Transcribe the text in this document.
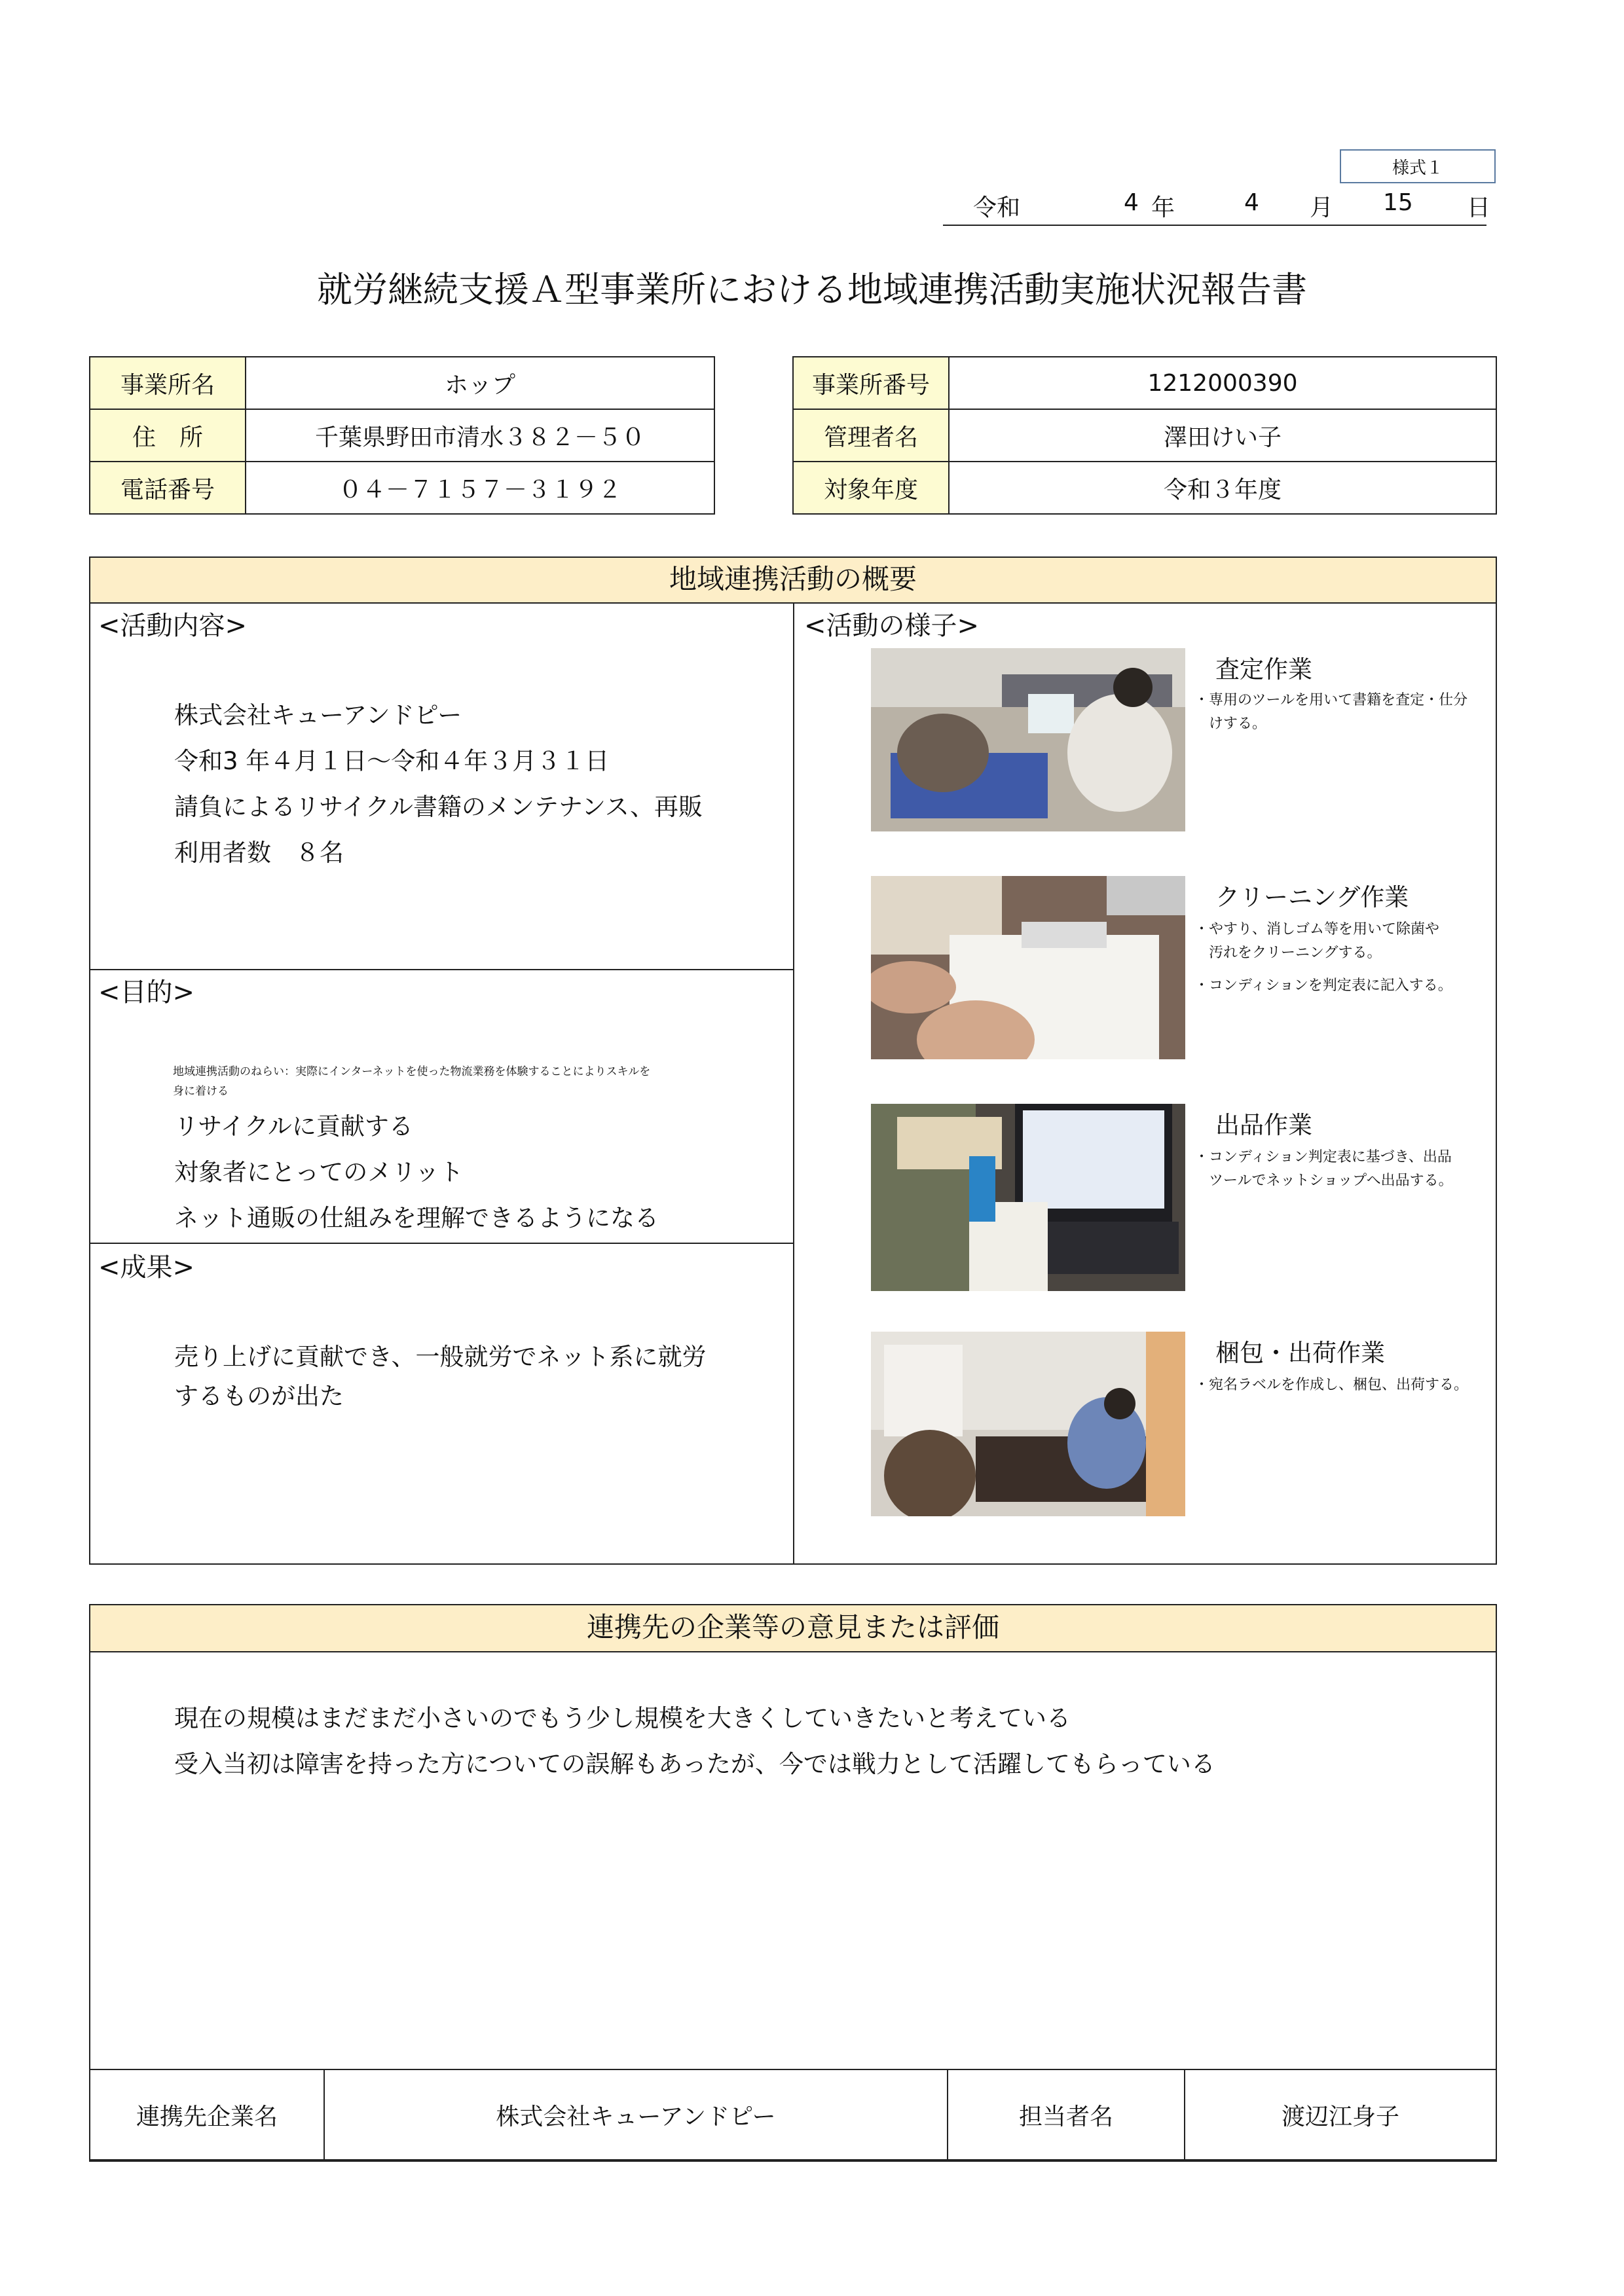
様式１
令和	4 年	4 月 15 日
就労継続支援Ａ型事業所における地域連携活動実施状況報告書
事業所名	ホップ
住　所	千葉県野田市清水３８２－５０
電話番号	０４－７１５７－３１９２
事業所番号	1212000390
管理者名	澤田けい子
対象年度	令和３年度
地域連携活動の概要
<活動内容>
株式会社キューアンドピー
令和3 年４月１日～令和４年３月３１日
請負によるリサイクル書籍のメンテナンス、再販
利用者数　８名
<目的>
地域連携活動のねらい：実際にインターネットを使った物流業務を体験することによりスキルを
身に着ける
リサイクルに貢献する
対象者にとってのメリット
ネット通販の仕組みを理解できるようになる
<成果>
売り上げに貢献でき、一般就労でネット系に就労
するものが出た
<活動の様子>
査定作業
・専用のツールを用いて書籍を査定・仕分
　けする。
クリーニング作業
・やすり、消しゴム等を用いて除菌や
　汚れをクリーニングする。
・コンディションを判定表に記入する。
出品作業
・コンディション判定表に基づき、出品
　ツールでネットショップへ出品する。
梱包・出荷作業
・宛名ラベルを作成し、梱包、出荷する。
連携先の企業等の意見または評価
現在の規模はまだまだ小さいのでもう少し規模を大きくしていきたいと考えている
受入当初は障害を持った方についての誤解もあったが、今では戦力として活躍してもらっている
連携先企業名	株式会社キューアンドピー	担当者名	渡辺江身子
